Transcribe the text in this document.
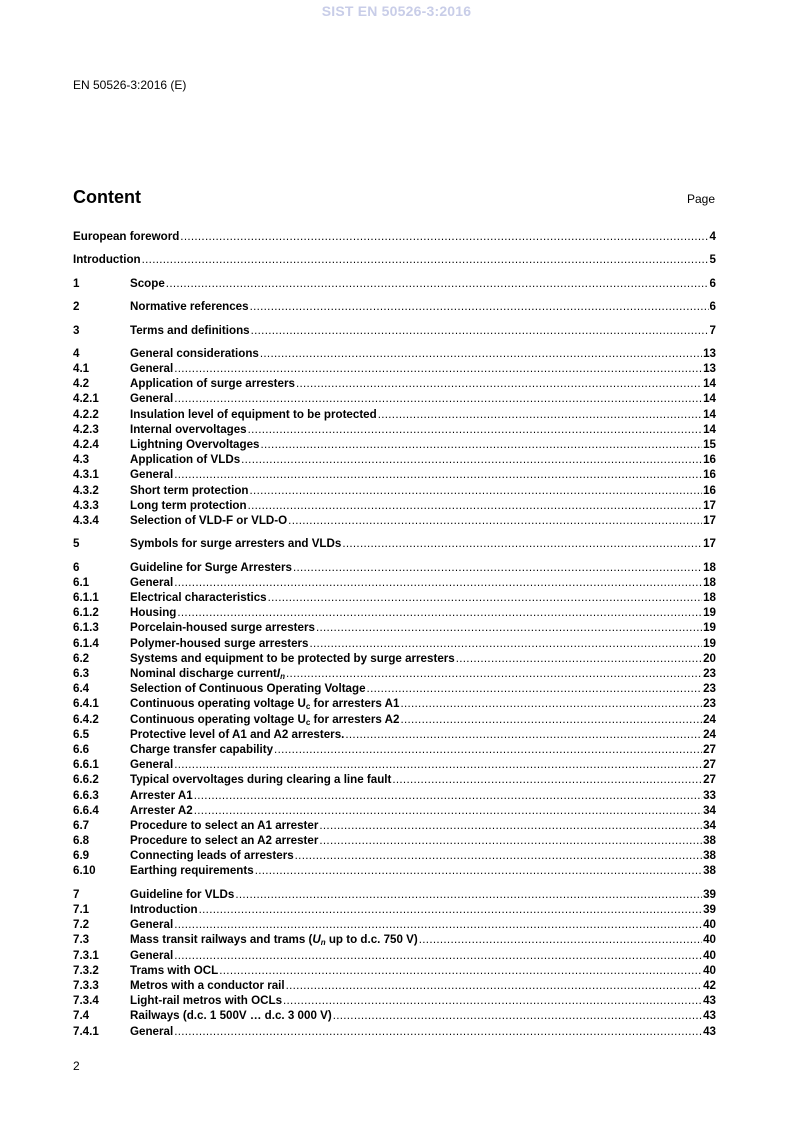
SIST EN 50526-3:2016
EN 50526-3:2016 (E)
Content	Page
European foreword .....	4
Introduction .....	5
1	Scope .....	6
2	Normative references .....	6
3	Terms and definitions .....	7
4	General considerations .....	13
4.1	General .....	13
4.2	Application of surge arresters .....	14
4.2.1	General .....	14
4.2.2	Insulation level of equipment to be protected .....	14
4.2.3	Internal overvoltages .....	14
4.2.4	Lightning Overvoltages .....	15
4.3	Application of VLDs .....	16
4.3.1	General .....	16
4.3.2	Short term protection .....	16
4.3.3	Long term protection .....	17
4.3.4	Selection of VLD-F or VLD-O .....	17
5	Symbols for surge arresters and VLDs .....	17
6	Guideline for Surge Arresters .....	18
6.1	General .....	18
6.1.1	Electrical characteristics .....	18
6.1.2	Housing .....	19
6.1.3	Porcelain-housed surge arresters .....	19
6.1.4	Polymer-housed surge arresters .....	19
6.2	Systems and equipment to be protected by surge arresters .....	20
6.3	Nominal discharge currentI$_n$ .....	23
6.4	Selection of Continuous Operating Voltage .....	23
6.4.1	Continuous operating voltage $U_c$ for arresters A1 .....	23
6.4.2	Continuous operating voltage $U_c$ for arresters A2 .....	24
6.5	Protective level of A1 and A2 arresters. .....	24
6.6	Charge transfer capability .....	27
6.6.1	General .....	27
6.6.2	Typical overvoltages during clearing a line fault .....	27
6.6.3	Arrester A1 .....	33
6.6.4	Arrester A2 .....	34
6.7	Procedure to select an A1 arrester .....	34
6.8	Procedure to select an A2 arrester .....	38
6.9	Connecting leads of arresters .....	38
6.10	Earthing requirements .....	38
7	Guideline for VLDs .....	39
7.1	Introduction .....	39
7.2	General .....	40
7.3	Mass transit railways and trams ($U_n$ up to d.c. 750 V) .....	40
7.3.1	General .....	40
7.3.2	Trams with OCL .....	40
7.3.3	Metros with a conductor rail .....	42
7.3.4	Light-rail metros with OCLs .....	43
7.4	Railways (d.c. 1 500V … d.c. 3 000 V) .....	43
7.4.1	General .....	43
2
